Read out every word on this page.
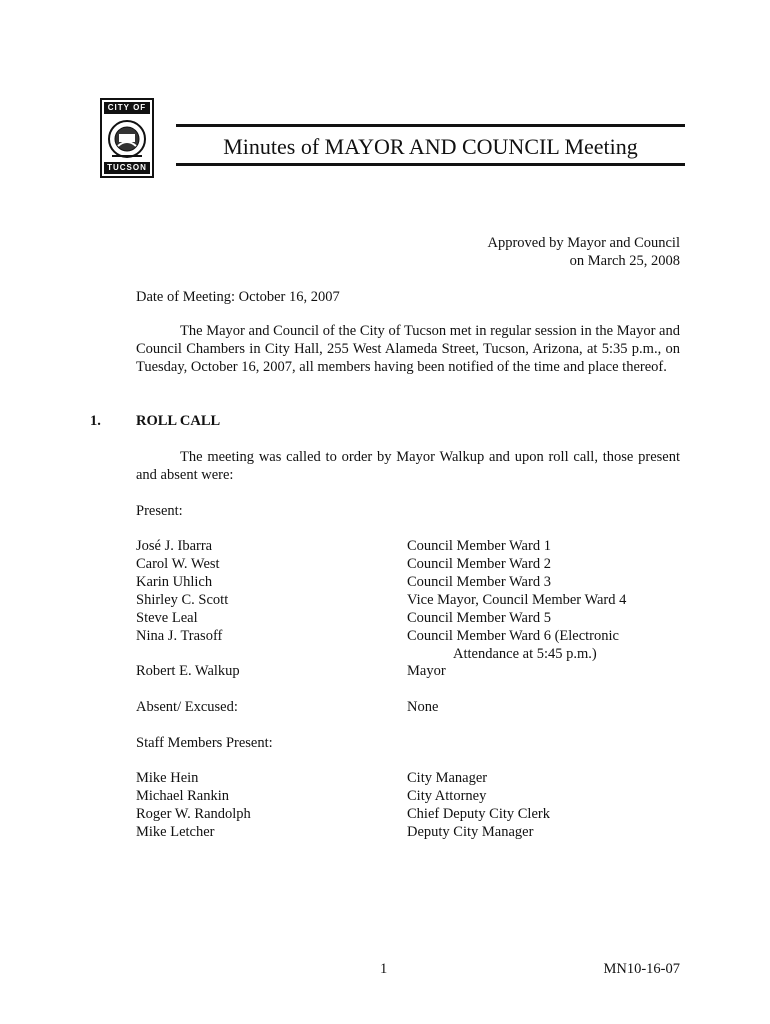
CITY OF
TUCSON
Minutes of MAYOR AND COUNCIL Meeting
Approved by Mayor and Council
on March 25, 2008
Date of Meeting: October 16, 2007
The Mayor and Council of the City of Tucson met in regular session in the Mayor and Council Chambers in City Hall, 255 West Alameda Street, Tucson, Arizona, at 5:35 p.m., on Tuesday, October 16, 2007, all members having been notified of the time and place thereof.
1. ROLL CALL
The meeting was called to order by Mayor Walkup and upon roll call, those present and absent were:
Present:
José J. Ibarra	Council Member Ward 1
Carol W. West	Council Member Ward 2
Karin Uhlich	Council Member Ward 3
Shirley C. Scott	Vice Mayor, Council Member Ward 4
Steve Leal	Council Member Ward 5
Nina J. Trasoff	Council Member Ward 6 (Electronic
Attendance at 5:45 p.m.)
Robert E. Walkup	Mayor
Absent/ Excused:	None
Staff Members Present:
Mike Hein	City Manager
Michael Rankin	City Attorney
Roger W. Randolph	Chief Deputy City Clerk
Mike Letcher	Deputy City Manager
1	MN10-16-07
